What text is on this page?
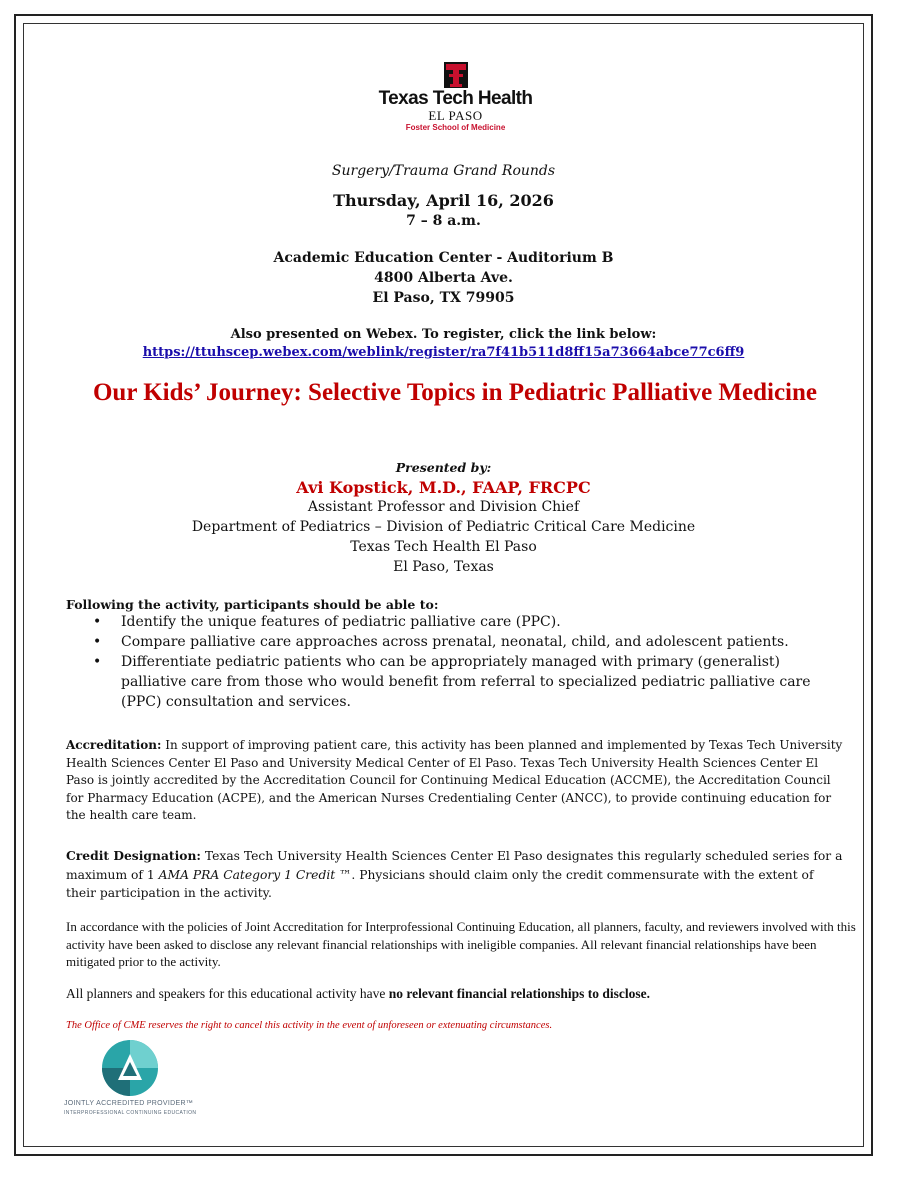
Texas Tech Health
EL PASO
Foster School of Medicine
Surgery/Trauma Grand Rounds
Thursday, April 16, 2026
7 – 8 a.m.
Academic Education Center - Auditorium B
4800 Alberta Ave.
El Paso, TX 79905
Also presented on Webex. To register, click the link below:
https://ttuhscep.webex.com/weblink/register/ra7f41b511d8ff15a73664abce77c6ff9
Our Kids’ Journey: Selective Topics in Pediatric Palliative Medicine
Presented by:
Avi Kopstick, M.D., FAAP, FRCPC
Assistant Professor and Division Chief
Department of Pediatrics – Division of Pediatric Critical Care Medicine
Texas Tech Health El Paso
El Paso, Texas
Following the activity, participants should be able to:
• Identify the unique features of pediatric palliative care (PPC).
• Compare palliative care approaches across prenatal, neonatal, child, and adolescent patients.
• Differentiate pediatric patients who can be appropriately managed with primary (generalist) palliative care from those who would benefit from referral to specialized pediatric palliative care (PPC) consultation and services.
Accreditation: In support of improving patient care, this activity has been planned and implemented by Texas Tech University Health Sciences Center El Paso and University Medical Center of El Paso. Texas Tech University Health Sciences Center El Paso is jointly accredited by the Accreditation Council for Continuing Medical Education (ACCME), the Accreditation Council for Pharmacy Education (ACPE), and the American Nurses Credentialing Center (ANCC), to provide continuing education for the health care team.
Credit Designation: Texas Tech University Health Sciences Center El Paso designates this regularly scheduled series for a maximum of 1 AMA PRA Category 1 Credit ™. Physicians should claim only the credit commensurate with the extent of their participation in the activity.
In accordance with the policies of Joint Accreditation for Interprofessional Continuing Education, all planners, faculty, and reviewers involved with this activity have been asked to disclose any relevant financial relationships with ineligible companies. All relevant financial relationships have been mitigated prior to the activity.
All planners and speakers for this educational activity have no relevant financial relationships to disclose.
The Office of CME reserves the right to cancel this activity in the event of unforeseen or extenuating circumstances.
JOINTLY ACCREDITED PROVIDER™
INTERPROFESSIONAL CONTINUING EDUCATION
